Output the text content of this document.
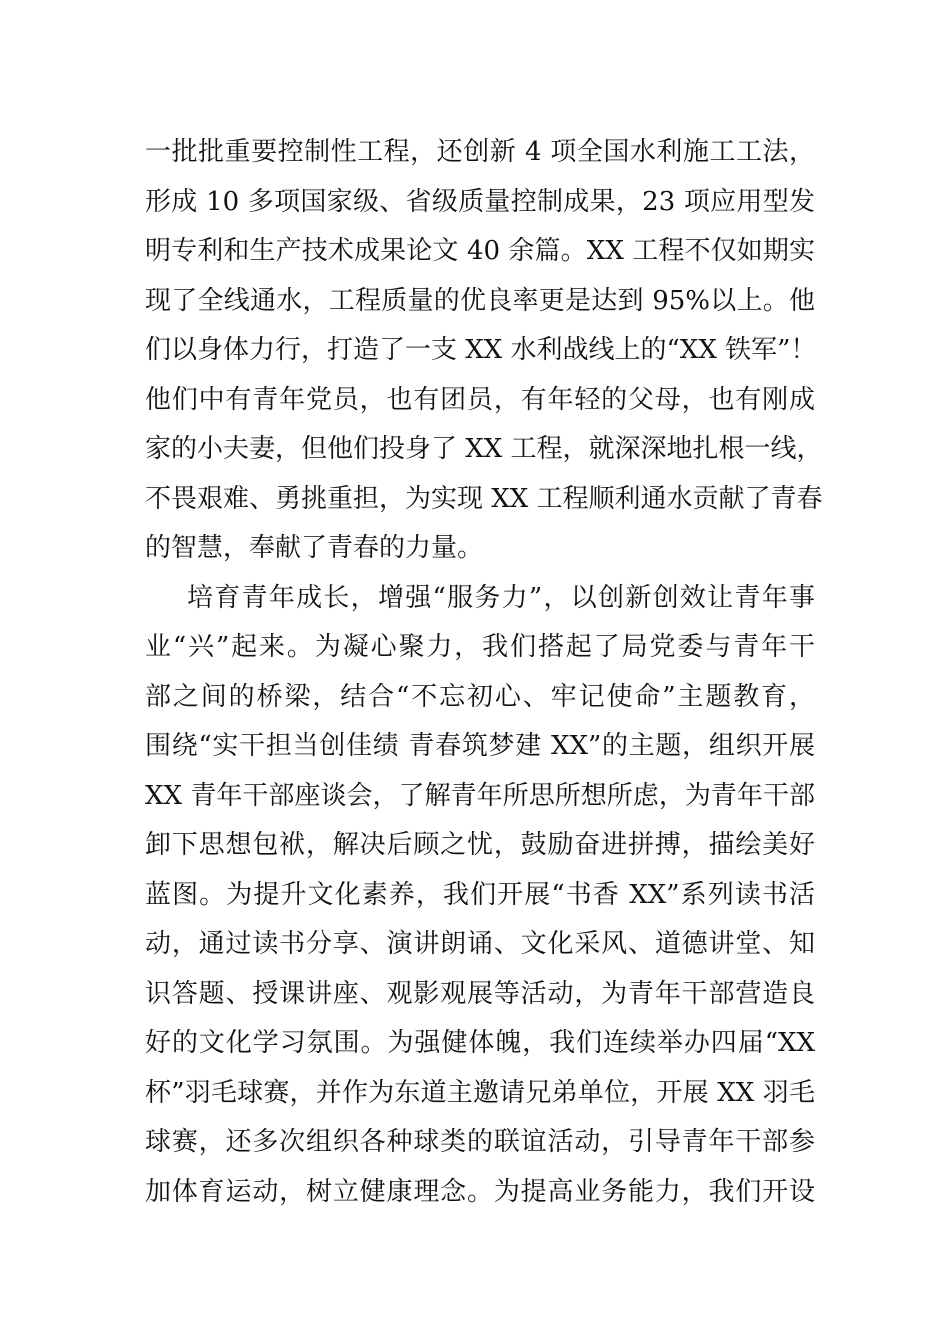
一批批重要控制性工程，还创新 4 项全国水利施工工法，
形成 10 多项国家级、省级质量控制成果，23 项应用型发
明专利和生产技术成果论文 40 余篇。XX 工程不仅如期实
现了全线通水，工程质量的优良率更是达到 95%以上。他
们以身体力行，打造了一支 XX 水利战线上的“XX 铁军”！
他们中有青年党员，也有团员，有年轻的父母，也有刚成
家的小夫妻，但他们投身了 XX 工程，就深深地扎根一线，
不畏艰难、勇挑重担，为实现 XX 工程顺利通水贡献了青春
的智慧，奉献了青春的力量。
培育青年成长，增强“服务力”，以创新创效让青年事
业“兴”起来。为凝心聚力，我们搭起了局党委与青年干
部之间的桥梁，结合“不忘初心、牢记使命”主题教育，
围绕“实干担当创佳绩 青春筑梦建 XX”的主题，组织开展
XX 青年干部座谈会，了解青年所思所想所虑，为青年干部
卸下思想包袱，解决后顾之忧，鼓励奋进拼搏，描绘美好
蓝图。为提升文化素养，我们开展“书香 XX”系列读书活
动，通过读书分享、演讲朗诵、文化采风、道德讲堂、知
识答题、授课讲座、观影观展等活动，为青年干部营造良
好的文化学习氛围。为强健体魄，我们连续举办四届“XX
杯”羽毛球赛，并作为东道主邀请兄弟单位，开展 XX 羽毛
球赛，还多次组织各种球类的联谊活动，引导青年干部参
加体育运动，树立健康理念。为提高业务能力，我们开设
